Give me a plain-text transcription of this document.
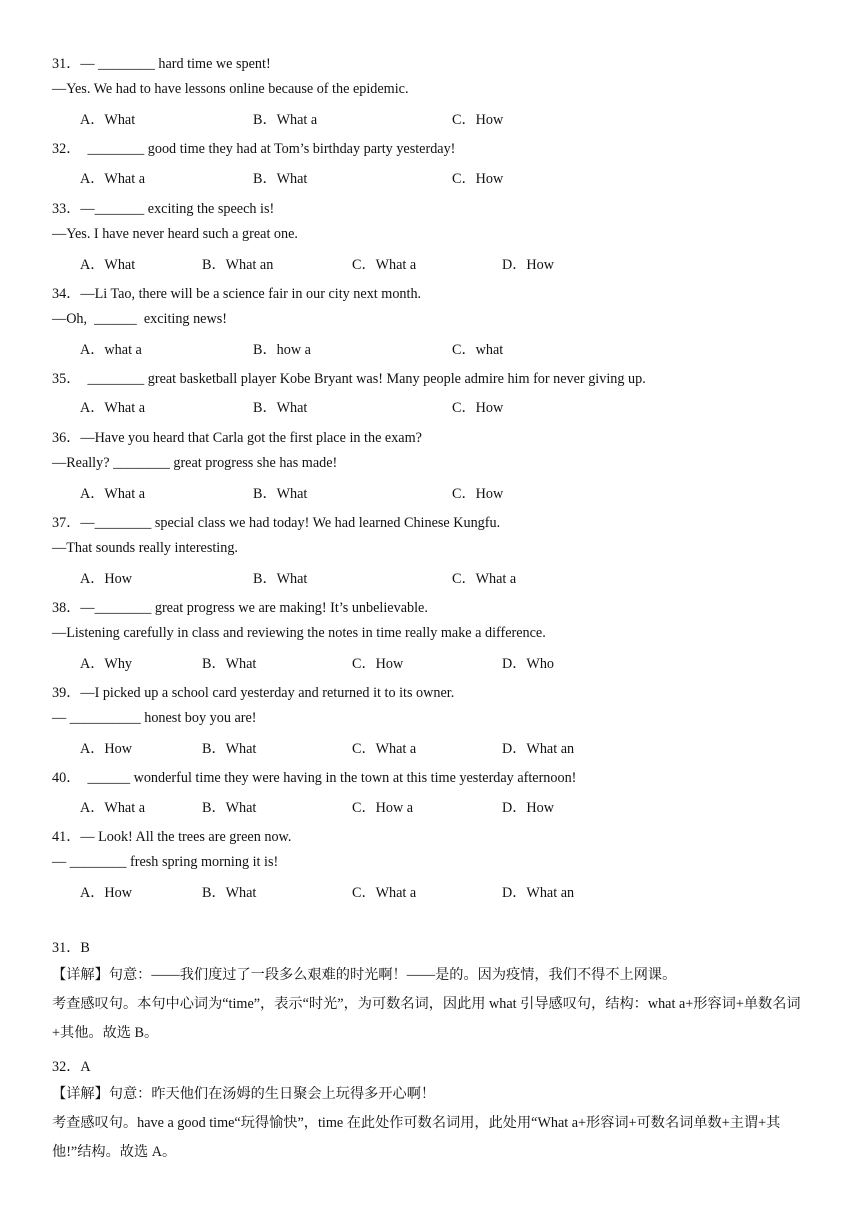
31．— ________ hard time we spent!
—Yes. We had to have lessons online because of the epidemic.
A．What	B．What a	C．How
32．  ________ good time they had at Tom’s birthday party yesterday!
A．What a	B．What	C．How
33．—_______ exciting the speech is!
—Yes. I have never heard such a great one.
A．What	B．What an	C．What a	D．How
34．—Li Tao, there will be a science fair in our city next month.
—Oh,  ______  exciting news!
A．what a	B．how a	C．what
35．  ________ great basketball player Kobe Bryant was! Many people admire him for never giving up.
A．What a	B．What	C．How
36．—Have you heard that Carla got the first place in the exam?
—Really? ________ great progress she has made!
A．What a	B．What	C．How
37．—________ special class we had today! We had learned Chinese Kungfu.
—That sounds really interesting.
A．How	B．What	C．What a
38．—________ great progress we are making! It’s unbelievable.
—Listening carefully in class and reviewing the notes in time really make a difference.
A．Why	B．What	C．How	D．Who
39．—I picked up a school card yesterday and returned it to its owner.
— __________ honest boy you are!
A．How	B．What	C．What a	D．What an
40．  ______ wonderful time they were having in the town at this time yesterday afternoon!
A．What a	B．What	C．How a	D．How
41．— Look! All the trees are green now.
— ________ fresh spring morning it is!
A．How	B．What	C．What a	D．What an
31．B
【详解】句意：——我们度过了一段多么艰难的时光啊！——是的。因为疫情，我们不得不上网课。
考查感叹句。本句中心词为“time”，表示“时光”，为可数名词，因此用 what 引导感叹句，结构：what a+形容词+单数名词+其他。故选 B。
32．A
【详解】句意：昨天他们在汤姆的生日聚会上玩得多开心啊！
考查感叹句。have a good time“玩得愉快”，time 在此处作可数名词用，此处用“What a+形容词+可数名词单数+主谓+其他!”结构。故选 A。
